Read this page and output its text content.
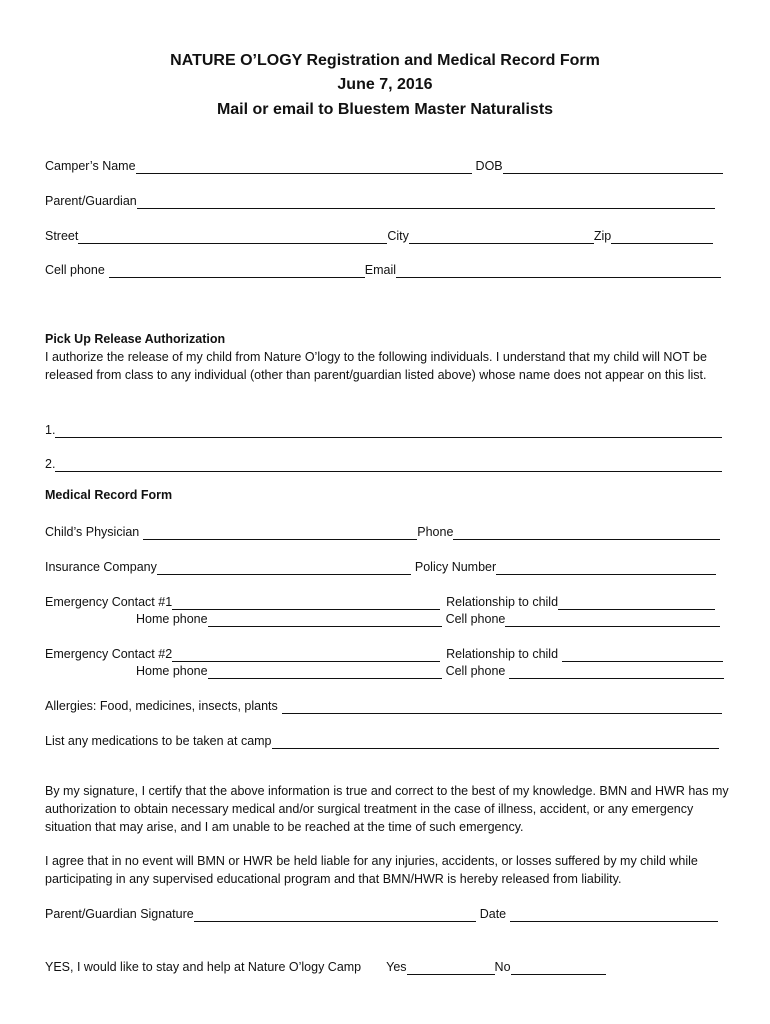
NATURE O’LOGY Registration and Medical Record Form
June 7, 2016
Mail or email to Bluestem Master Naturalists
Camper’s Name	DOB
Parent/Guardian
Street	City	Zip
Cell phone	Email
Pick Up Release Authorization
I authorize the release of my child from Nature O’logy to the following individuals. I understand that my child will NOT be released from class to any individual (other than parent/guardian listed above) whose name does not appear on this list.
1.
2.
Medical Record Form
Child’s Physician	Phone
Insurance Company	Policy Number
Emergency Contact #1	Relationship to child
Home phone	Cell phone
Emergency Contact #2	Relationship to child
Home phone	Cell phone
Allergies: Food, medicines, insects, plants
List any medications to be taken at camp
By my signature, I certify that the above information is true and correct to the best of my knowledge. BMN and HWR has my authorization to obtain necessary medical and/or surgical treatment in the case of illness, accident, or any emergency situation that may arise, and I am unable to be reached at the time of such emergency.
I agree that in no event will BMN or HWR be held liable for any injuries, accidents, or losses suffered by my child while participating in any supervised educational program and that BMN/HWR is hereby released from liability.
Parent/Guardian Signature	Date
YES, I would like to stay and help at Nature O’logy Camp Yes	No
